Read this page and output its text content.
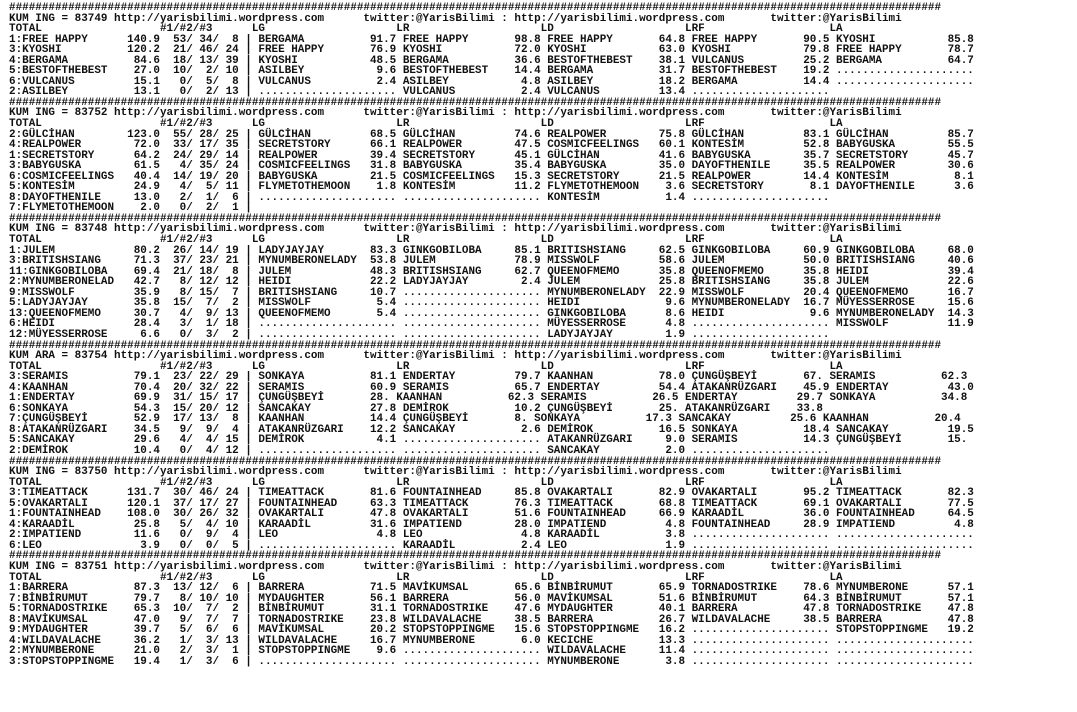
##############################################################################################################################################
KUM ING = 83749 http://yarisbilimi.wordpress.com      twitter:@YarisBilimi : http://yarisbilimi.wordpress.com       twitter:@YarisBilimi
TOTAL                  #1/#2/#3      LG                    LR                    LD                    LRF                   LA
1:FREE HAPPY      140.9  53/ 34/  8 | BERGAMA          91.7 FREE HAPPY       98.8 FREE HAPPY       64.8 FREE HAPPY       90.5 KYOSHI           85.8
3:KYOSHI          120.2  21/ 46/ 24 | FREE HAPPY       76.9 KYOSHI           72.0 KYOSHI           63.0 KYOSHI           79.8 FREE HAPPY       78.7
4:BERGAMA          84.6  18/ 13/ 39 | KYOSHI           48.5 BERGAMA          36.6 BESTOFTHEBEST    38.1 VULCANUS         25.2 BERGAMA          64.7
5:BESTOFTHEBEST    27.0  10/  2/ 10 | ASILBEY           9.6 BESTOFTHEBEST    14.4 BERGAMA          31.7 BESTOFTHEBEST    19.2 .....................
6:VULCANUS         15.1   0/  5/  8 | VULCANUS          2.4 ASILBEY           4.8 ASILBEY          18.2 BERGAMA          14.4 .....................
2:ASILBEY          13.1   0/  2/ 13 | ..................... VULCANUS          2.4 VULCANUS         13.4 .....................
##############################################################################################################################################
KUM ING = 83752 http://yarisbilimi.wordpress.com      twitter:@YarisBilimi : http://yarisbilimi.wordpress.com       twitter:@YarisBilimi
TOTAL                  #1/#2/#3      LG                    LR                    LD                    LRF                   LA
2:GÜLCİHAN        123.0  55/ 28/ 25 | GÜLCİHAN         68.5 GÜLCİHAN         74.6 REALPOWER        75.8 GÜLCİHAN         83.1 GÜLCİHAN         85.7
4:REALPOWER        72.0  33/ 17/ 35 | SECRETSTORY      66.1 REALPOWER        47.5 COSMICFEELINGS   60.1 KONTESİM         52.8 BABYGUSKA        55.5
1:SECRETSTORY      64.2  24/ 29/ 14 | REALPOWER        39.4 SECRETSTORY      45.1 GÜLCİHAN         41.6 BABYGUSKA        35.7 SECRETSTORY      45.7
3:BABYGUSKA        61.5   4/ 35/ 24 | COSMICFEELINGS   31.8 BABYGUSKA        35.4 BABYGUSKA        35.0 DAYOFTHENILE     35.5 REALPOWER        30.6
6:COSMICFEELINGS   40.4  14/ 19/ 20 | BABYGUSKA        21.5 COSMICFEELINGS   15.3 SECRETSTORY      21.5 REALPOWER        14.4 KONTESİM          8.1
5:KONTESİM         24.9   4/  5/ 11 | FLYMETOTHEMOON    1.8 KONTESİM         11.2 FLYMETOTHEMOON    3.6 SECRETSTORY       8.1 DAYOFTHENILE      3.6
8:DAYOFTHENILE     13.0   2/  1/  6 | ..................... ..................... KONTESİM          1.4 .....................
7:FLYMETOTHEMOON    2.0   0/  2/  1 |
##############################################################################################################################################
KUM ING = 83748 http://yarisbilimi.wordpress.com      twitter:@YarisBilimi : http://yarisbilimi.wordpress.com       twitter:@YarisBilimi
TOTAL                  #1/#2/#3      LG                    LR                    LD                    LRF                   LA
1:JULEM            80.2  26/ 14/ 19 | LADYJAYJAY       83.3 GINKGOBILOBA     85.1 BRITISHSIANG     62.5 GINKGOBILOBA     60.9 GINKGOBILOBA     68.0
3:BRITISHSIANG     71.3  37/ 23/ 21 | MYNUMBERONELADY  53.8 JULEM            78.9 MISSWOLF         58.6 JULEM            50.0 BRITISHSIANG     40.6
11:GINKGOBILOBA    69.4  21/ 18/  8 | JULEM            48.3 BRITISHSIANG     62.7 QUEENOFMEMO      35.8 QUEENOFMEMO      35.8 HEIDI            39.4
2:MYNUMBERONELAD   42.7   8/ 12/ 12 | HEIDI            22.2 LADYJAYJAY        2.4 JULEM            25.8 BRITISHSIANG     35.8 JULEM            22.6
9:MISSWOLF         35.9   8/ 15/  7 | BRITISHSIANG     10.7 ..................... MYNUMBERONELADY  22.9 MISSWOLF         20.4 QUEENOFMEMO      16.7
5:LADYJAYJAY       35.8  15/  7/  2 | MISSWOLF          5.4 ..................... HEIDI             9.6 MYNUMBERONELADY  16.7 MÜYESSERROSE     15.6
13:QUEENOFMEMO     30.7   4/  9/ 13 | QUEENOFMEMO       5.4 ..................... GINKGOBILOBA      8.6 HEIDI             9.6 MYNUMBERONELADY  14.3
6:HEIDI            28.4   3/  1/ 18 | ..................... ..................... MÜYESSERROSE      4.8 ..................... MISSWOLF         11.9
12:MÜYESSERROSE     6.6   0/  3/  2 | ..................... ..................... LADYJAYJAY        1.9 .....................
##############################################################################################################################################
KUM ARA = 83754 http://yarisbilimi.wordpress.com      twitter:@YarisBilimi : http://yarisbilimi.wordpress.com       twitter:@YarisBilimi
TOTAL                  #1/#2/#3      LG                    LR                    LD                    LRF                   LA
3:SERAMIS          79.1  23/ 22/ 29 | SONKAYA          81.1 ENDERTAY         79.7 KAANHAN          78.0 ÇUNGÜŞBEYİ       67. SERAMIS          62.3
4:KAANHAN          70.4  20/ 32/ 22 | SERAMIS          60.9 SERAMIS          65.7 ENDERTAY         54.4 ATAKANRÜZGARI    45.9 ENDERTAY         43.0
1:ENDERTAY         69.9  31/ 15/ 17 | ÇUNGÜŞBEYİ       28. KAANHAN          62.3 SERAMIS          26.5 ENDERTAY         29.7 SONKAYA          34.8
6:SONKAYA          54.3  15/ 20/ 12 | SANCAKAY         27.8 DEMİROK          10.2 ÇUNGÜŞBEYİ       25. ATAKANRÜZGARI    33.8
7:ÇUNGÜŞBEYİ       52.9  17/ 13/  8 | KAANHAN          14.4 ÇUNGÜŞBEYİ       8. SONKAYA          17.3 SANCAKAY         25.6 KAANHAN          20.4
8:ATAKANRÜZGARI    34.5   9/  9/  4 | ATAKANRÜZGARI    12.2 SANCAKAY          2.6 DEMİROK          16.5 SONKAYA          18.4 SANCAKAY         19.5
5:SANCAKAY         29.6   4/  4/ 15 | DEMİROK           4.1 ..................... ATAKANRÜZGARI     9.0 SERAMIS          14.3 ÇUNGÜŞBEYİ       15.
2:DEMİROK          10.4   0/  4/ 12 | ..................... ..................... SANCAKAY          2.0 .....................
##############################################################################################################################################
KUM ING = 83750 http://yarisbilimi.wordpress.com      twitter:@YarisBilimi : http://yarisbilimi.wordpress.com       twitter:@YarisBilimi
TOTAL                  #1/#2/#3      LG                    LR                    LD                    LRF                   LA
3:TIMEATTACK      131.7  30/ 46/ 24 | TIMEATTACK       81.6 FOUNTAINHEAD     85.8 OVAKARTALI       82.9 OVAKARTALI       95.2 TIMEATTACK       82.3
5:OVAKARTALI      120.1  37/ 17/ 27 | FOUNTAINHEAD     63.3 TIMEATTACK       76.3 TIMEATTACK       68.8 TIMEATTACK       69.1 OVAKARTALI       77.5
1:FOUNTAINHEAD    108.0  30/ 26/ 32 | OVAKARTALI       47.8 OVAKARTALI       51.6 FOUNTAINHEAD     66.9 KARAADİL         36.0 FOUNTAINHEAD     64.5
4:KARAADİL         25.8   5/  4/ 10 | KARAADİL         31.6 IMPATIEND        28.0 IMPATIEND         4.8 FOUNTAINHEAD     28.9 IMPATIEND         4.8
2:IMPATIEND        11.6   0/  9/  4 | LEO               4.8 LEO               4.8 KARAADİL          3.8 ..................... .....................
6:LEO               3.9   0/  0/  5 | ..................... KARAADİL          2.4 LEO               1.9 ..................... .....................
##############################################################################################################################################
KUM ING = 83751 http://yarisbilimi.wordpress.com      twitter:@YarisBilimi : http://yarisbilimi.wordpress.com       twitter:@YarisBilimi
TOTAL                  #1/#2/#3      LG                    LR                    LD                    LRF                   LA
1:BARRERA          87.3  13/ 12/  6 | BARRERA          71.5 MAVİKUMSAL       65.6 BİNBİRUMUT       65.9 TORNADOSTRIKE    78.6 MYNUMBERONE      57.1
7:BİNBİRUMUT       79.7   8/ 10/ 10 | MYDAUGHTER       56.1 BARRERA          56.0 MAVİKUMSAL       51.6 BİNBİRUMUT       64.3 BİNBİRUMUT       57.1
5:TORNADOSTRIKE    65.3  10/  7/  2 | BİNBİRUMUT       31.1 TORNADOSTRIKE    47.6 MYDAUGHTER       40.1 BARRERA          47.8 TORNADOSTRIKE    47.8
8:MAVİKUMSAL       47.0   9/  7/  7 | TORNADOSTRIKE    23.8 WILDAVALACHE     38.5 BARRERA          26.7 WILDAVALACHE     38.5 BARRERA          47.8
9:MYDAUGHTER       39.7   5/  6/  6 | MAVİKUMSAL       20.2 STOPSTOPPINGME   15.6 STOPSTOPPINGME   16.2 ..................... STOPSTOPPINGME   19.2
4:WILDAVALACHE     36.2   1/  3/ 13 | WILDAVALACHE     16.7 MYNUMBERONE       6.0 KECICHE          13.3 ..................... .....................
2:MYNUMBERONE      21.0   2/  3/  1 | STOPSTOPPINGME    9.6 ..................... WILDAVALACHE     11.4 ..................... .....................
3:STOPSTOPPINGME   19.4   1/  3/  6 | ..................... ..................... MYNUMBERONE       3.8 ..................... .....................
